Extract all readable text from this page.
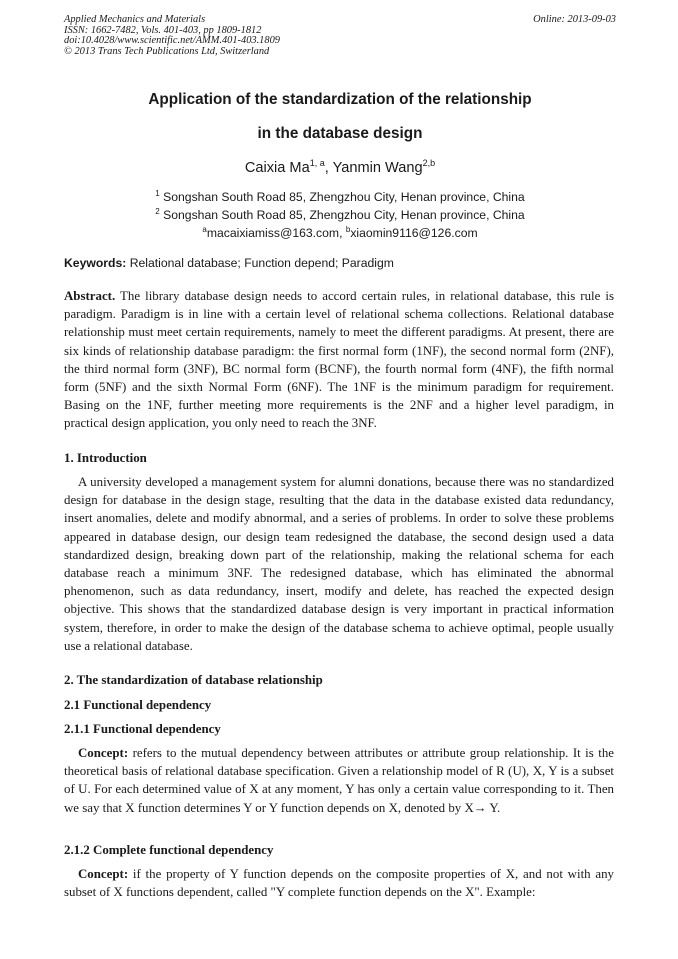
Applied Mechanics and Materials
ISSN: 1662-7482, Vols. 401-403, pp 1809-1812
doi:10.4028/www.scientific.net/AMM.401-403.1809
© 2013 Trans Tech Publications Ltd, Switzerland
Online: 2013-09-03
Application of the standardization of the relationship
in the database design
Caixia Ma$^{1, a}$, Yanmin Wang$^{2,b}$
$^1$ Songshan South Road 85, Zhengzhou City, Henan province, China
$^2$ Songshan South Road 85, Zhengzhou City, Henan province, China
$^a$macaixiamiss@163.com, $^b$xiaomin9116@126.com
Keywords: Relational database; Function depend; Paradigm
Abstract. The library database design needs to accord certain rules, in relational database, this rule is paradigm. Paradigm is in line with a certain level of relational schema collections. Relational database relationship must meet certain requirements, namely to meet the different paradigms. At present, there are six kinds of relationship database paradigm: the first normal form (1NF), the second normal form (2NF), the third normal form (3NF), BC normal form (BCNF), the fourth normal form (4NF), the fifth normal form (5NF) and the sixth Normal Form (6NF). The 1NF is the minimum paradigm for requirement. Basing on the 1NF, further meeting more requirements is the 2NF and a higher level paradigm, in practical design application, you only need to reach the 3NF.
1. Introduction
A university developed a management system for alumni donations, because there was no standardized design for database in the design stage, resulting that the data in the database existed data redundancy, insert anomalies, delete and modify abnormal, and a series of problems. In order to solve these problems appeared in database design, our design team redesigned the database, the second design used a data standardized design, breaking down part of the relationship, making the relational schema for each database reach a minimum 3NF. The redesigned database, which has eliminated the abnormal phenomenon, such as data redundancy, insert, modify and delete, has reached the expected design objective. This shows that the standardized database design is very important in practical information system, therefore, in order to make the design of the database schema to achieve optimal, people usually use a relational database.
2. The standardization of database relationship
2.1 Functional dependency
2.1.1 Functional dependency
Concept: refers to the mutual dependency between attributes or attribute group relationship. It is the theoretical basis of relational database specification. Given a relationship model of R (U), X, Y is a subset of U. For each determined value of X at any moment, Y has only a certain value corresponding to it. Then we say that X function determines Y or Y function depends on X, denoted by X→ Y.
2.1.2 Complete functional dependency
Concept: if the property of Y function depends on the composite properties of X, and not with any subset of X functions dependent, called "Y complete function depends on the X". Example:
